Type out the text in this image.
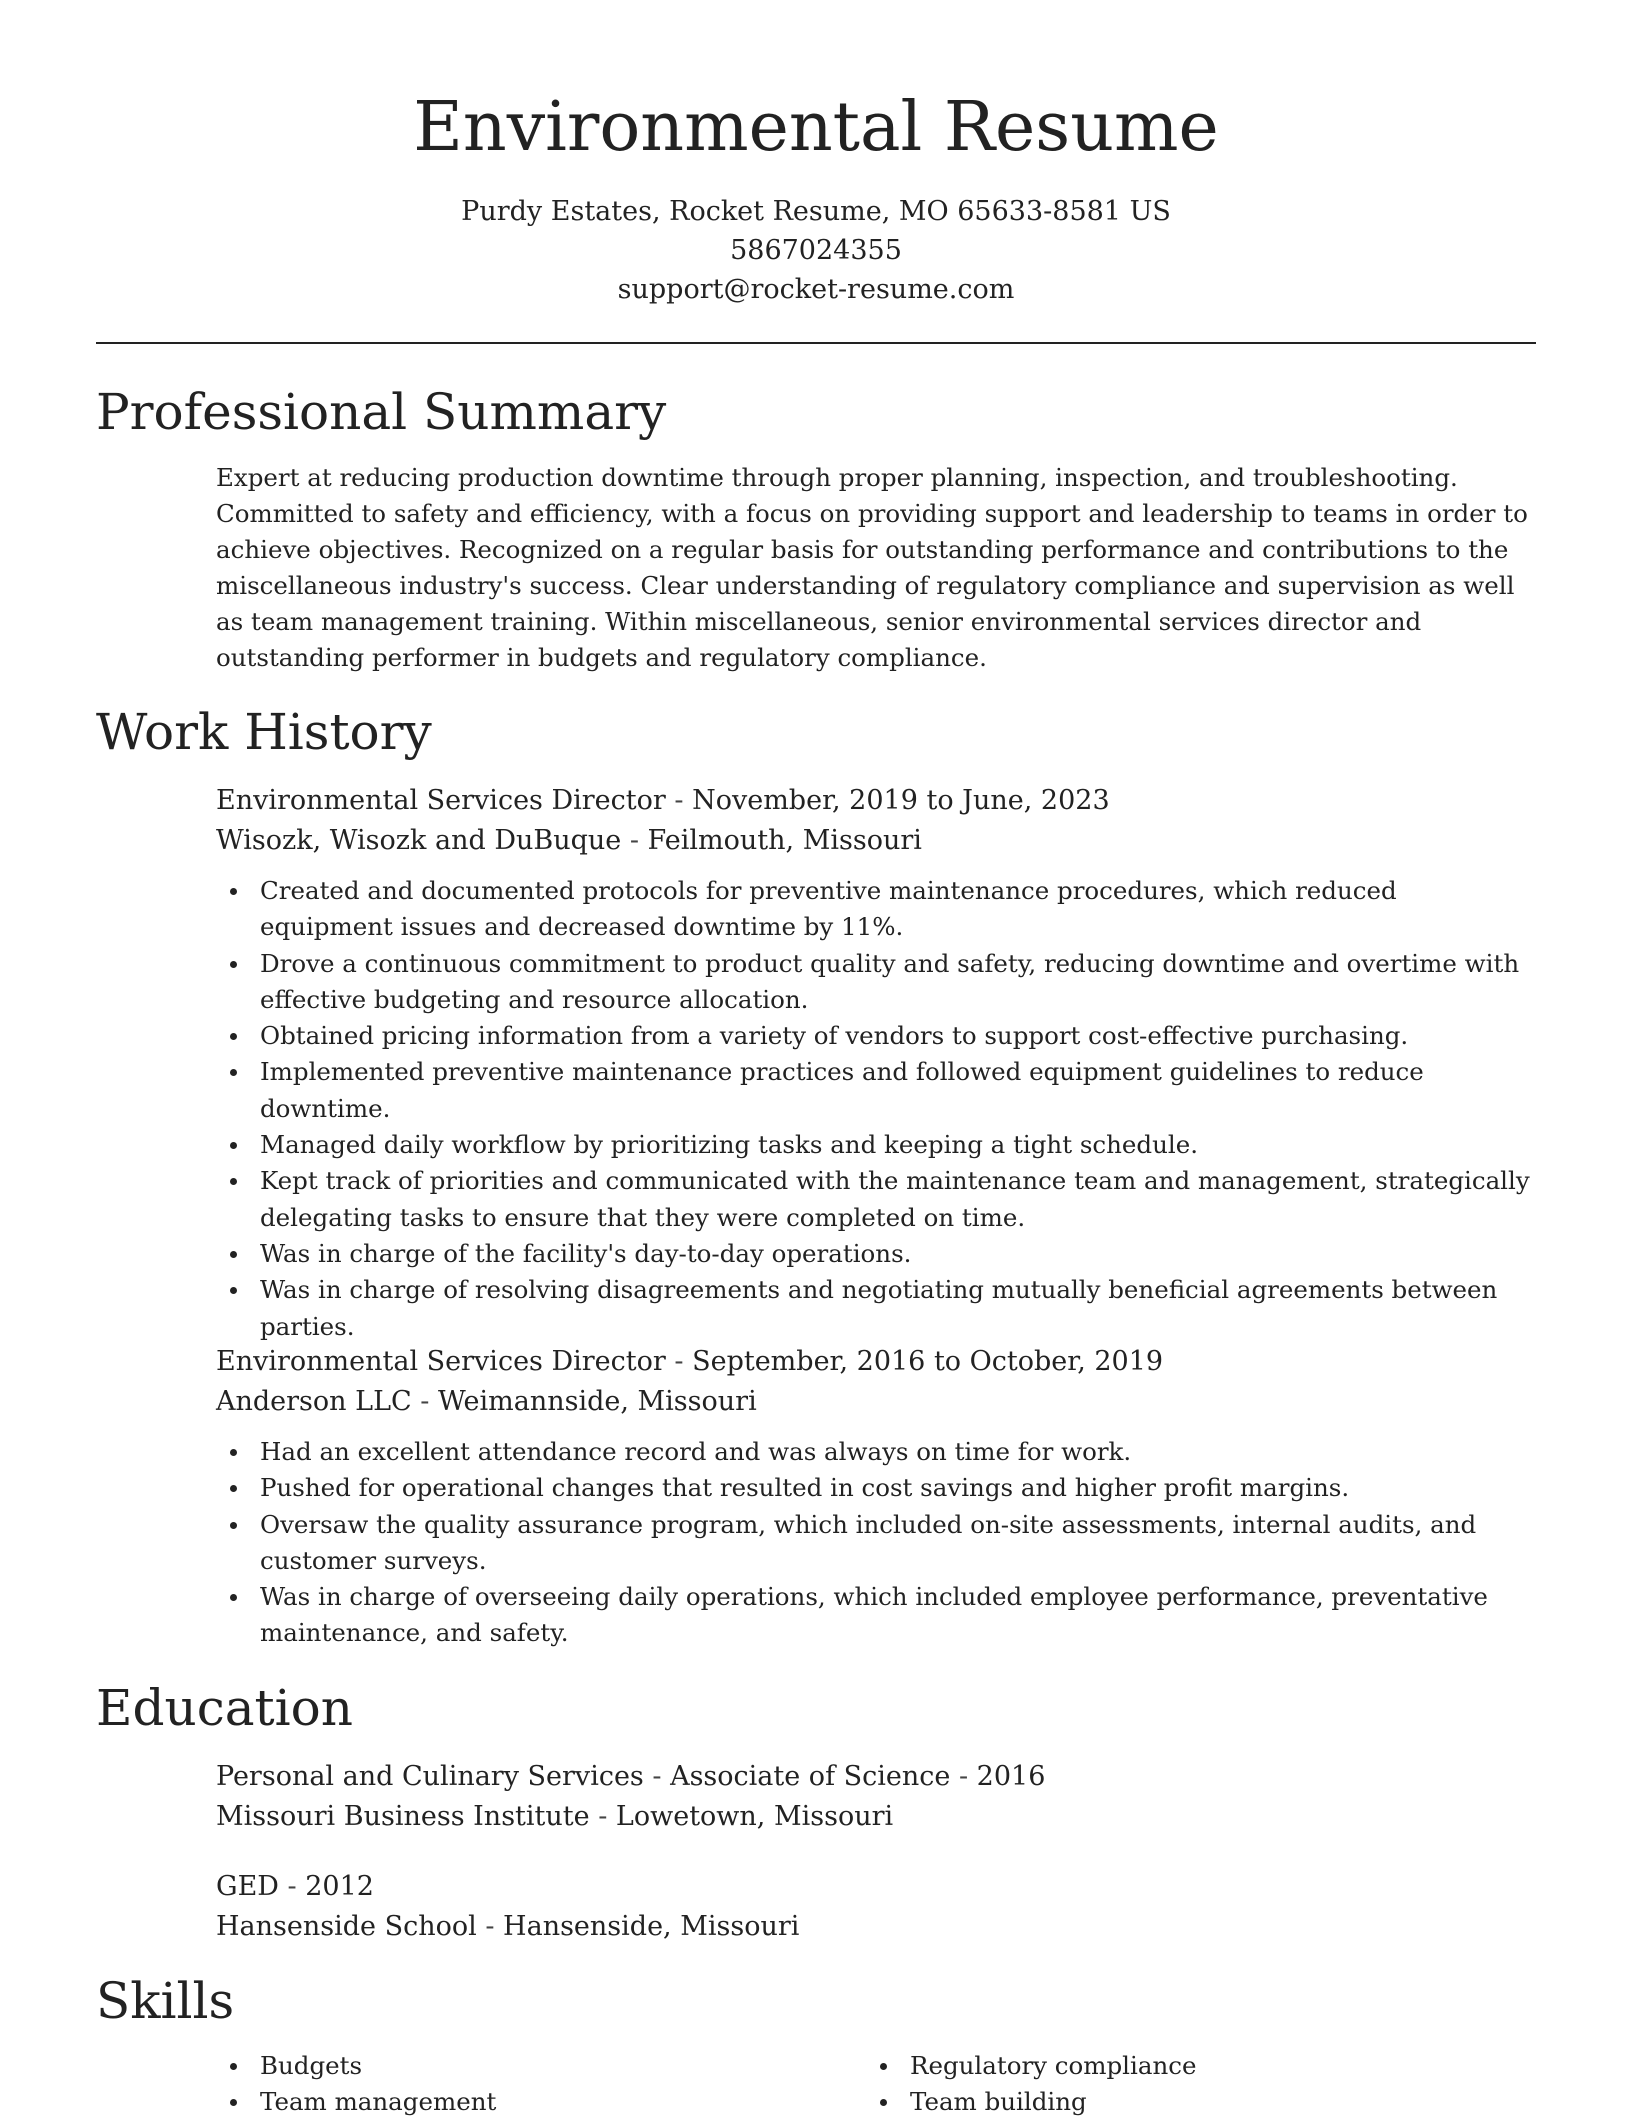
Environmental Resume
Purdy Estates, Rocket Resume, MO 65633-8581 US
5867024355
support@rocket-resume.com
Professional Summary
Expert at reducing production downtime through proper planning, inspection, and troubleshooting. Committed to safety and efficiency, with a focus on providing support and leadership to teams in order to achieve objectives. Recognized on a regular basis for outstanding performance and contributions to the miscellaneous industry's success. Clear understanding of regulatory compliance and supervision as well as team management training. Within miscellaneous, senior environmental services director and outstanding performer in budgets and regulatory compliance.
Work History
Environmental Services Director - November, 2019 to June, 2023
Wisozk, Wisozk and DuBuque - Feilmouth, Missouri
Created and documented protocols for preventive maintenance procedures, which reduced equipment issues and decreased downtime by 11%.
Drove a continuous commitment to product quality and safety, reducing downtime and overtime with effective budgeting and resource allocation.
Obtained pricing information from a variety of vendors to support cost-effective purchasing.
Implemented preventive maintenance practices and followed equipment guidelines to reduce downtime.
Managed daily workflow by prioritizing tasks and keeping a tight schedule.
Kept track of priorities and communicated with the maintenance team and management, strategically delegating tasks to ensure that they were completed on time.
Was in charge of the facility's day-to-day operations.
Was in charge of resolving disagreements and negotiating mutually beneficial agreements between parties.
Environmental Services Director - September, 2016 to October, 2019
Anderson LLC - Weimannside, Missouri
Had an excellent attendance record and was always on time for work.
Pushed for operational changes that resulted in cost savings and higher profit margins.
Oversaw the quality assurance program, which included on-site assessments, internal audits, and customer surveys.
Was in charge of overseeing daily operations, which included employee performance, preventative maintenance, and safety.
Education
Personal and Culinary Services - Associate of Science - 2016
Missouri Business Institute - Lowetown, Missouri
GED - 2012
Hansenside School - Hansenside, Missouri
Skills
Budgets
Team management
Regulatory compliance
Team building
